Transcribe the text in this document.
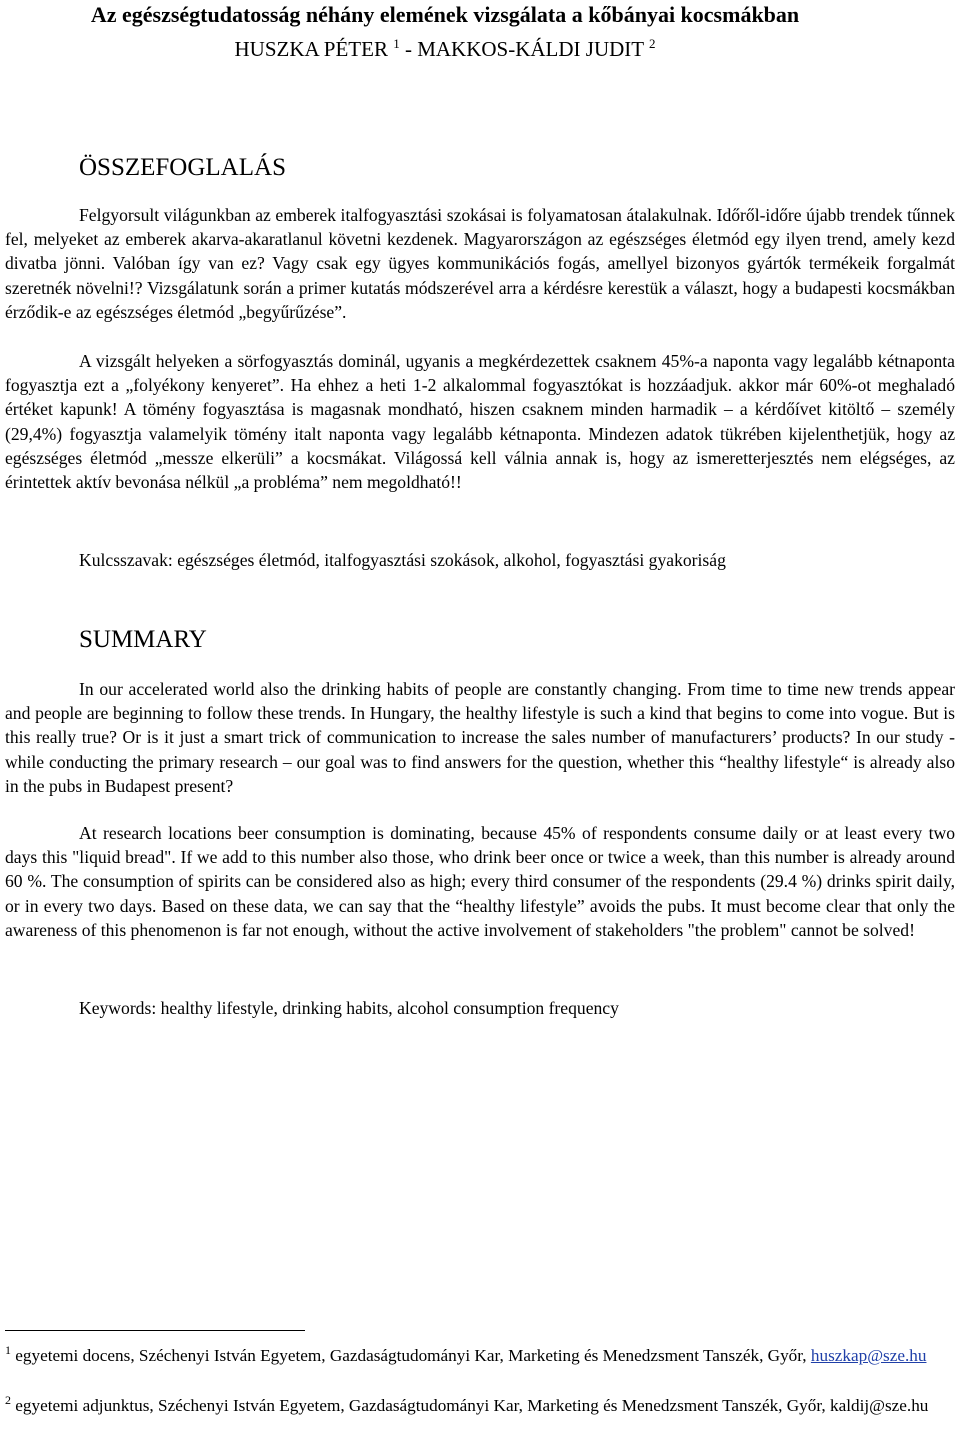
Az egészségtudatosság néhány elemének vizsgálata a kőbányai kocsmákban
HUSZKA PÉTER $^1$ - MAKKOS-KÁLDI JUDIT $^2$
ÖSSZEFOGLALÁS

Felgyorsult világunkban az emberek italfogyasztási szokásai is folyamatosan átalakulnak. Időről-időre újabb trendek tűnnek fel, melyeket az emberek akarva-akaratlanul követni kezdenek. Magyarországon az egészséges életmód egy ilyen trend, amely kezd divatba jönni. Valóban így van ez? Vagy csak egy ügyes kommunikációs fogás, amellyel bizonyos gyártók termékeik forgalmát szeretnék növelni!? Vizsgálatunk során a primer kutatás módszerével arra a kérdésre kerestük a választ, hogy a budapesti kocsmákban érződik-e az egészséges életmód „begyűrűzése”.

A vizsgált helyeken a sörfogyasztás dominál, ugyanis a megkérdezettek csaknem 45%-a naponta vagy legalább kétnaponta fogyasztja ezt a „folyékony kenyeret”. Ha ehhez a heti 1-2 alkalommal fogyasztókat is hozzáadjuk. akkor már 60%-ot meghaladó értéket kapunk! A tömény fogyasztása is magasnak mondható, hiszen csaknem minden harmadik – a kérdőívet kitöltő – személy (29,4%) fogyasztja valamelyik tömény italt naponta vagy legalább kétnaponta. Mindezen adatok tükrében kijelenthetjük, hogy az egészséges életmód „messze elkerüli” a kocsmákat. Világossá kell válnia annak is, hogy az ismeretterjesztés nem elégséges, az érintettek aktív bevonása nélkül „a probléma” nem megoldható!!

Kulcsszavak: egészséges életmód, italfogyasztási szokások, alkohol, fogyasztási gyakoriság
SUMMARY

In our accelerated world also the drinking habits of people are constantly changing. From time to time new trends appear and people are beginning to follow these trends. In Hungary, the healthy lifestyle is such a kind that begins to come into vogue. But is this really true? Or is it just a smart trick of communication to increase the sales number of manufacturers’ products? In our study - while conducting the primary research – our goal was to find answers for the question, whether this “healthy lifestyle“ is already also in the pubs in Budapest present?

At research locations beer consumption is dominating, because 45% of respondents consume daily or at least every two days this "liquid bread". If we add to this number also those, who drink beer once or twice a week, than this number is already around 60 %. The consumption of spirits can be considered also as high; every third consumer of the respondents (29.4 %) drinks spirit daily, or in every two days. Based on these data, we can say that the “healthy lifestyle” avoids the pubs. It must become clear that only the awareness of this phenomenon is far not enough, without the active involvement of stakeholders "the problem" cannot be solved!

Keywords: healthy lifestyle, drinking habits, alcohol consumption frequency

$^1$ egyetemi docens, Széchenyi István Egyetem, Gazdaságtudományi Kar, Marketing és Menedzsment Tanszék, Győr, huszkap@sze.hu

$^2$ egyetemi adjunktus, Széchenyi István Egyetem, Gazdaságtudományi Kar, Marketing és Menedzsment Tanszék, Győr, kaldij@sze.hu
